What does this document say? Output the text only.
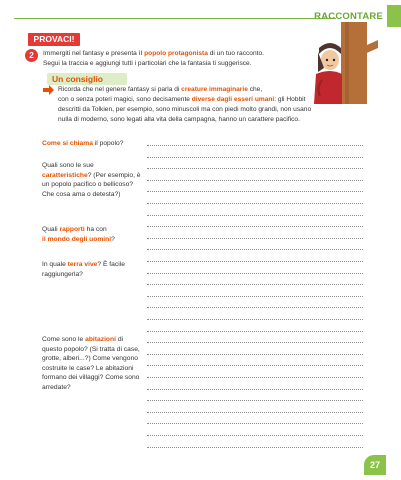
RACCONTARE
PROVACI!
2	Immergiti nel fantasy e presenta il popolo protagonista di un tuo racconto.
Segui la traccia e aggiungi tutti i particolari che la fantasia ti suggerisce.
Un consiglio
Ricorda che nel genere fantasy si parla di creature immaginarie che,
con o senza poteri magici, sono decisamente diverse dagli esseri umani: gli Hobbit
descritti da Tolkien, per esempio, sono minuscoli ma con piedi molto grandi, non usano
nulla di moderno, sono legati alla vita della campagna, hanno un carattere pacifico.
Come si chiama il popolo?
Quali sono le sue
caratteristiche? (Per esempio, è un popolo pacifico o bellicoso? Che cosa ama o detesta?)
Quali rapporti ha con
il mondo degli uomini?
In quale terra vive? È facile raggiungerla?
Come sono le abitazioni di questo popolo? (Si tratta di case, grotte, alberi...?) Come vengono costruite le case? Le abitazioni formano dei villaggi? Come sono arredate?
27
